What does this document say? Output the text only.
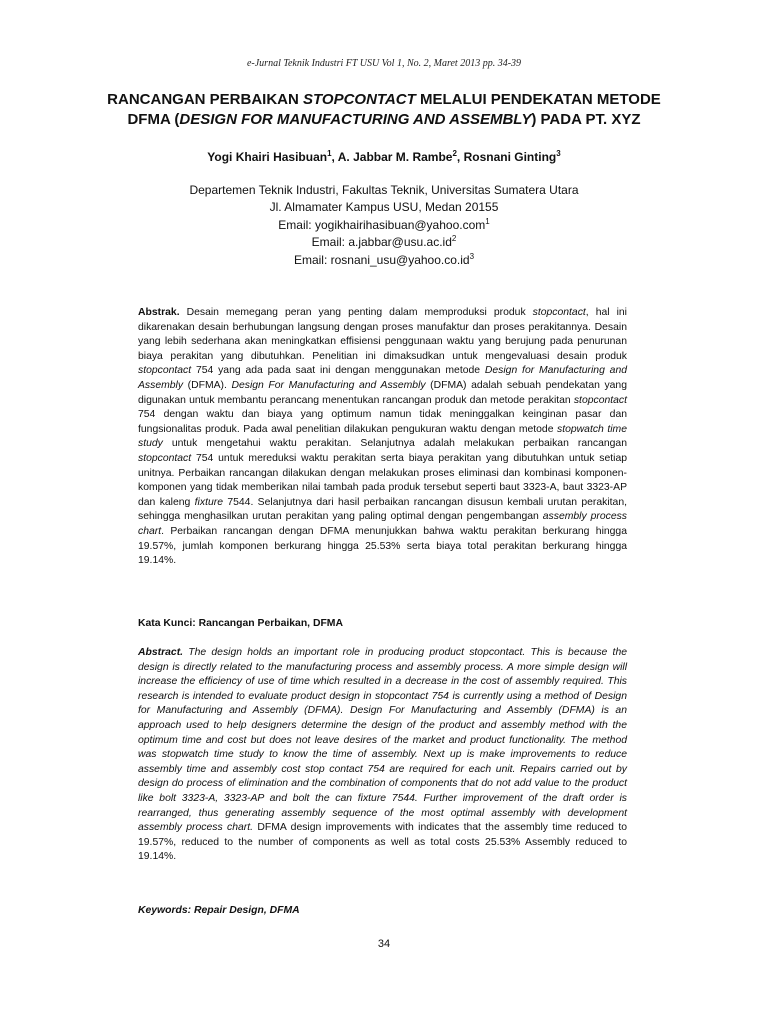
e-Jurnal Teknik Industri FT USU Vol 1, No. 2, Maret 2013 pp. 34-39
RANCANGAN PERBAIKAN STOPCONTACT MELALUI PENDEKATAN METODE DFMA (DESIGN FOR MANUFACTURING AND ASSEMBLY) PADA PT. XYZ
Yogi Khairi Hasibuan$^1$, A. Jabbar M. Rambe$^2$, Rosnani Ginting$^3$
Departemen Teknik Industri, Fakultas Teknik, Universitas Sumatera Utara
Jl. Almamater Kampus USU, Medan 20155
Email: yogikhairihasibuan@yahoo.com$^1$
Email: $a.jabbar@usu.ac.id^2$
Email: $rosnani\_usu@yahoo.co.id^3$

Abstrak. Desain memegang peran yang penting dalam memproduksi produk stopcontact, hal ini dikarenakan desain berhubungan langsung dengan proses manufaktur dan proses perakitannya. Desain yang lebih sederhana akan meningkatkan effisiensi penggunaan waktu yang berujung pada penurunan biaya perakitan yang dibutuhkan. Penelitian ini dimaksudkan untuk mengevaluasi desain produk stopcontact 754 yang ada pada saat ini dengan menggunakan metode Design for Manufacturing and Assembly (DFMA). Design For Manufacturing and Assembly (DFMA) adalah sebuah pendekatan yang digunakan untuk membantu perancang menentukan rancangan produk dan metode perakitan stopcontact 754 dengan waktu dan biaya yang optimum namun tidak meninggalkan keinginan pasar dan fungsionalitas produk. Pada awal penelitian dilakukan pengukuran waktu dengan metode stopwatch time study untuk mengetahui waktu perakitan. Selanjutnya adalah melakukan perbaikan rancangan stopcontact 754 untuk mereduksi waktu perakitan serta biaya perakitan yang dibutuhkan untuk setiap unitnya. Perbaikan rancangan dilakukan dengan melakukan proses eliminasi dan kombinasi komponen-komponen yang tidak memberikan nilai tambah pada produk tersebut seperti baut 3323-A, baut 3323-AP dan kaleng fixture 7544. Selanjutnya dari hasil perbaikan rancangan disusun kembali urutan perakitan, sehingga menghasilkan urutan perakitan yang paling optimal dengan pengembangan assembly process chart. Perbaikan rancangan dengan DFMA menunjukkan bahwa waktu perakitan berkurang hingga 19.57%, jumlah komponen berkurang hingga 25.53% serta biaya total perakitan berkurang hingga 19.14%.

Kata Kunci: Rancangan Perbaikan, DFMA

Abstract. The design holds an important role in producing product stopcontact. This is because the design is directly related to the manufacturing process and assembly process. A more simple design will increase the efficiency of use of time which resulted in a decrease in the cost of assembly required. This research is intended to evaluate product design in stopcontact 754 is currently using a method of Design for Manufacturing and Assembly (DFMA). Design For Manufacturing and Assembly (DFMA) is an approach used to help designers determine the design of the product and assembly method with the optimum time and cost but does not leave desires of the market and product functionality. The method was stopwatch time study to know the time of assembly. Next up is make improvements to reduce assembly time and assembly cost stop contact 754 are required for each unit. Repairs carried out by design do process of elimination and the combination of components that do not add value to the product like bolt 3323-A, 3323-AP and bolt the can fixture 7544. Further improvement of the draft order is rearranged, thus generating assembly sequence of the most optimal assembly with development assembly process chart. DFMA design improvements with indicates that the assembly time reduced to 19.57%, reduced to the number of components as well as total costs 25.53% Assembly reduced to 19.14%.

Keywords: Repair Design, DFMA

34
